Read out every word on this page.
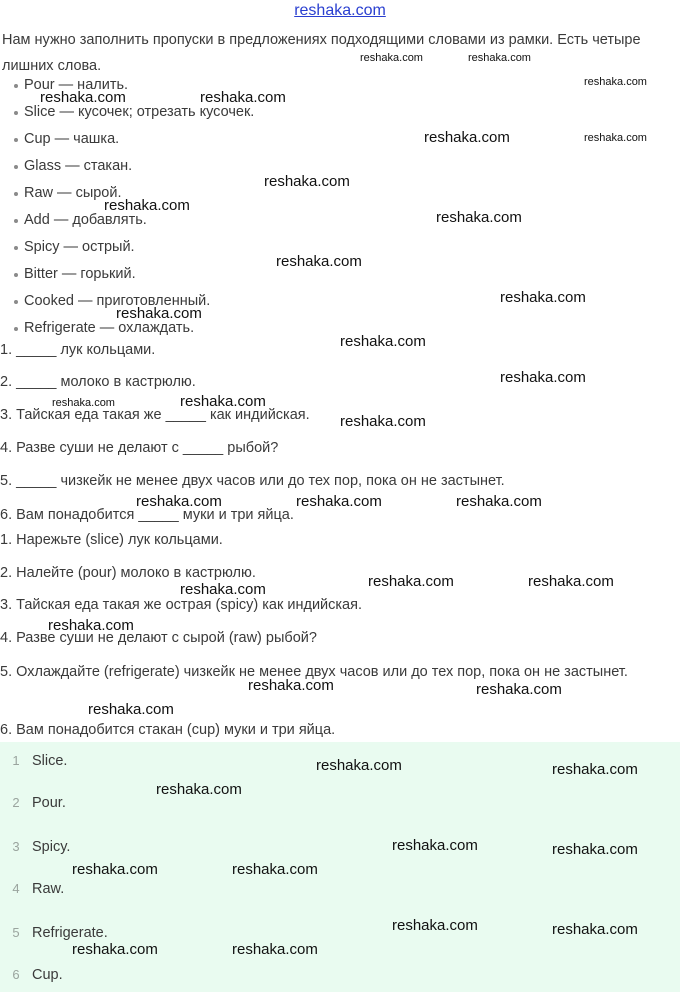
reshaka.com
Нам нужно заполнить пропуски в предложениях подходящими словами из рамки. Есть четыре лишних слова.
Pour — налить.
Slice — кусочек; отрезать кусочек.
Cup — чашка.
Glass — стакан.
Raw — сырой.
Add — добавлять.
Spicy — острый.
Bitter — горький.
Cooked — приготовленный.
Refrigerate — охлаждать.
1. _____ лук кольцами.
2. _____ молоко в кастрюлю.
3. Тайская еда такая же _____ как индийская.
4. Разве суши не делают с _____ рыбой?
5. _____ чизкейк не менее двух часов или до тех пор, пока он не застынет.
6. Вам понадобится _____ муки и три яйца.
1. Нарежьте (slice) лук кольцами.
2. Налейте (pour) молоко в кастрюлю.
3. Тайская еда такая же острая (spicy) как индийская.
4. Разве суши не делают с сырой (raw) рыбой?
5. Охлаждайте (refrigerate) чизкейк не менее двух часов или до тех пор, пока он не застынет.
6. Вам понадобится стакан (cup) муки и три яйца.
1 Slice.
2 Pour.
3 Spicy.
4 Raw.
5 Refrigerate.
6 Cup.
reshaka.com	reshaka.com
reshaka.com
reshaka.com	reshaka.com
reshaka.com	reshaka.com
reshaka.com
reshaka.com
reshaka.com
reshaka.com
reshaka.com
reshaka.com
reshaka.com
reshaka.com
reshaka.com
reshaka.com
reshaka.com
reshaka.com	reshaka.com	reshaka.com
reshaka.com	reshaka.com
reshaka.com
reshaka.com
reshaka.com	reshaka.com
reshaka.com
reshaka.com	reshaka.com
reshaka.com
reshaka.com	reshaka.com
reshaka.com	reshaka.com
reshaka.com	reshaka.com
reshaka.com	reshaka.com
